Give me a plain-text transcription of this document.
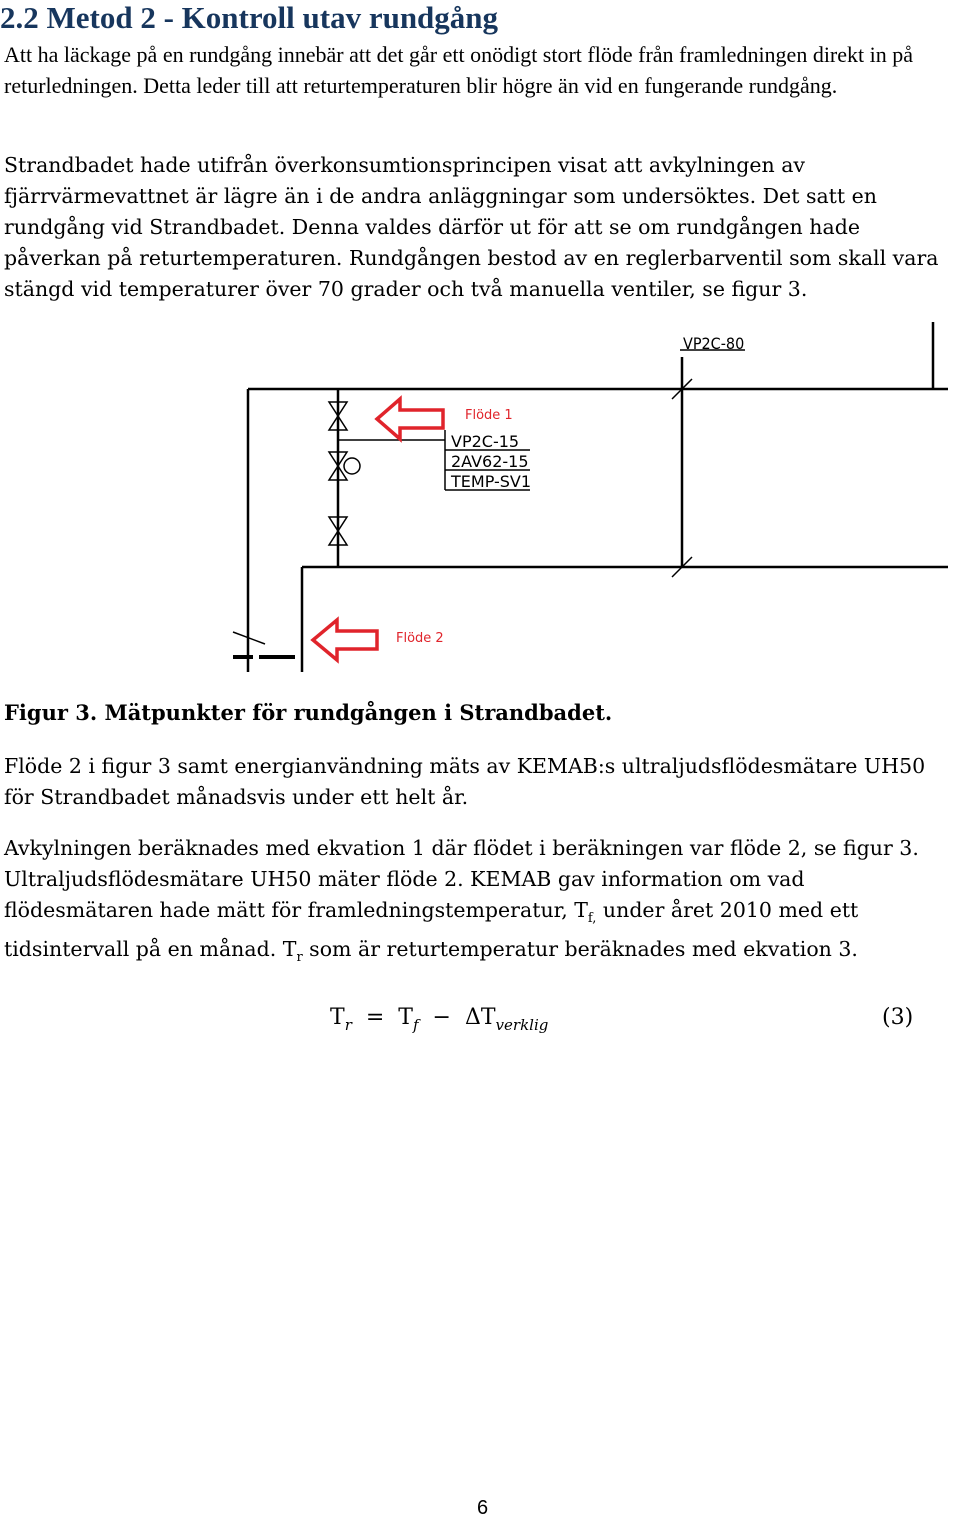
2.2 Metod 2 - Kontroll utav rundgång

Att ha läckage på en rundgång innebär att det går ett onödigt stort flöde från framledningen direkt in på returledningen. Detta leder till att returtemperaturen blir högre än vid en fungerande rundgång.

Strandbadet hade utifrån överkonsumtionsprincipen visat att avkylningen av fjärrvärmevattnet är lägre än i de andra anläggningar som undersöktes. Det satt en rundgång vid Strandbadet. Denna valdes därför ut för att se om rundgången hade påverkan på returtemperaturen. Rundgången bestod av en reglerbarventil som skall vara stängd vid temperaturer över 70 grader och två manuella ventiler, se figur 3.

VP2C-80
Flöde 1
VP2C-15
2AV62-15
TEMP-SV1
Flöde 2

Figur 3. Mätpunkter för rundgången i Strandbadet.

Flöde 2 i figur 3 samt energianvändning mäts av KEMAB:s ultraljudsflödesmätare UH50 för Strandbadet månadsvis under ett helt år.

Avkylningen beräknades med ekvation 1 där flödet i beräkningen var flöde 2, se figur 3. Ultraljudsflödesmätare UH50 mäter flöde 2. KEMAB gav information om vad flödesmätaren hade mätt för framledningstemperatur, $T_{f,}$ under året 2010 med ett tidsintervall på en månad. $T_r$ som är returtemperatur beräknades med ekvation 3.

$T_r = T_f - \Delta T_{verklig}$	(3)
6
